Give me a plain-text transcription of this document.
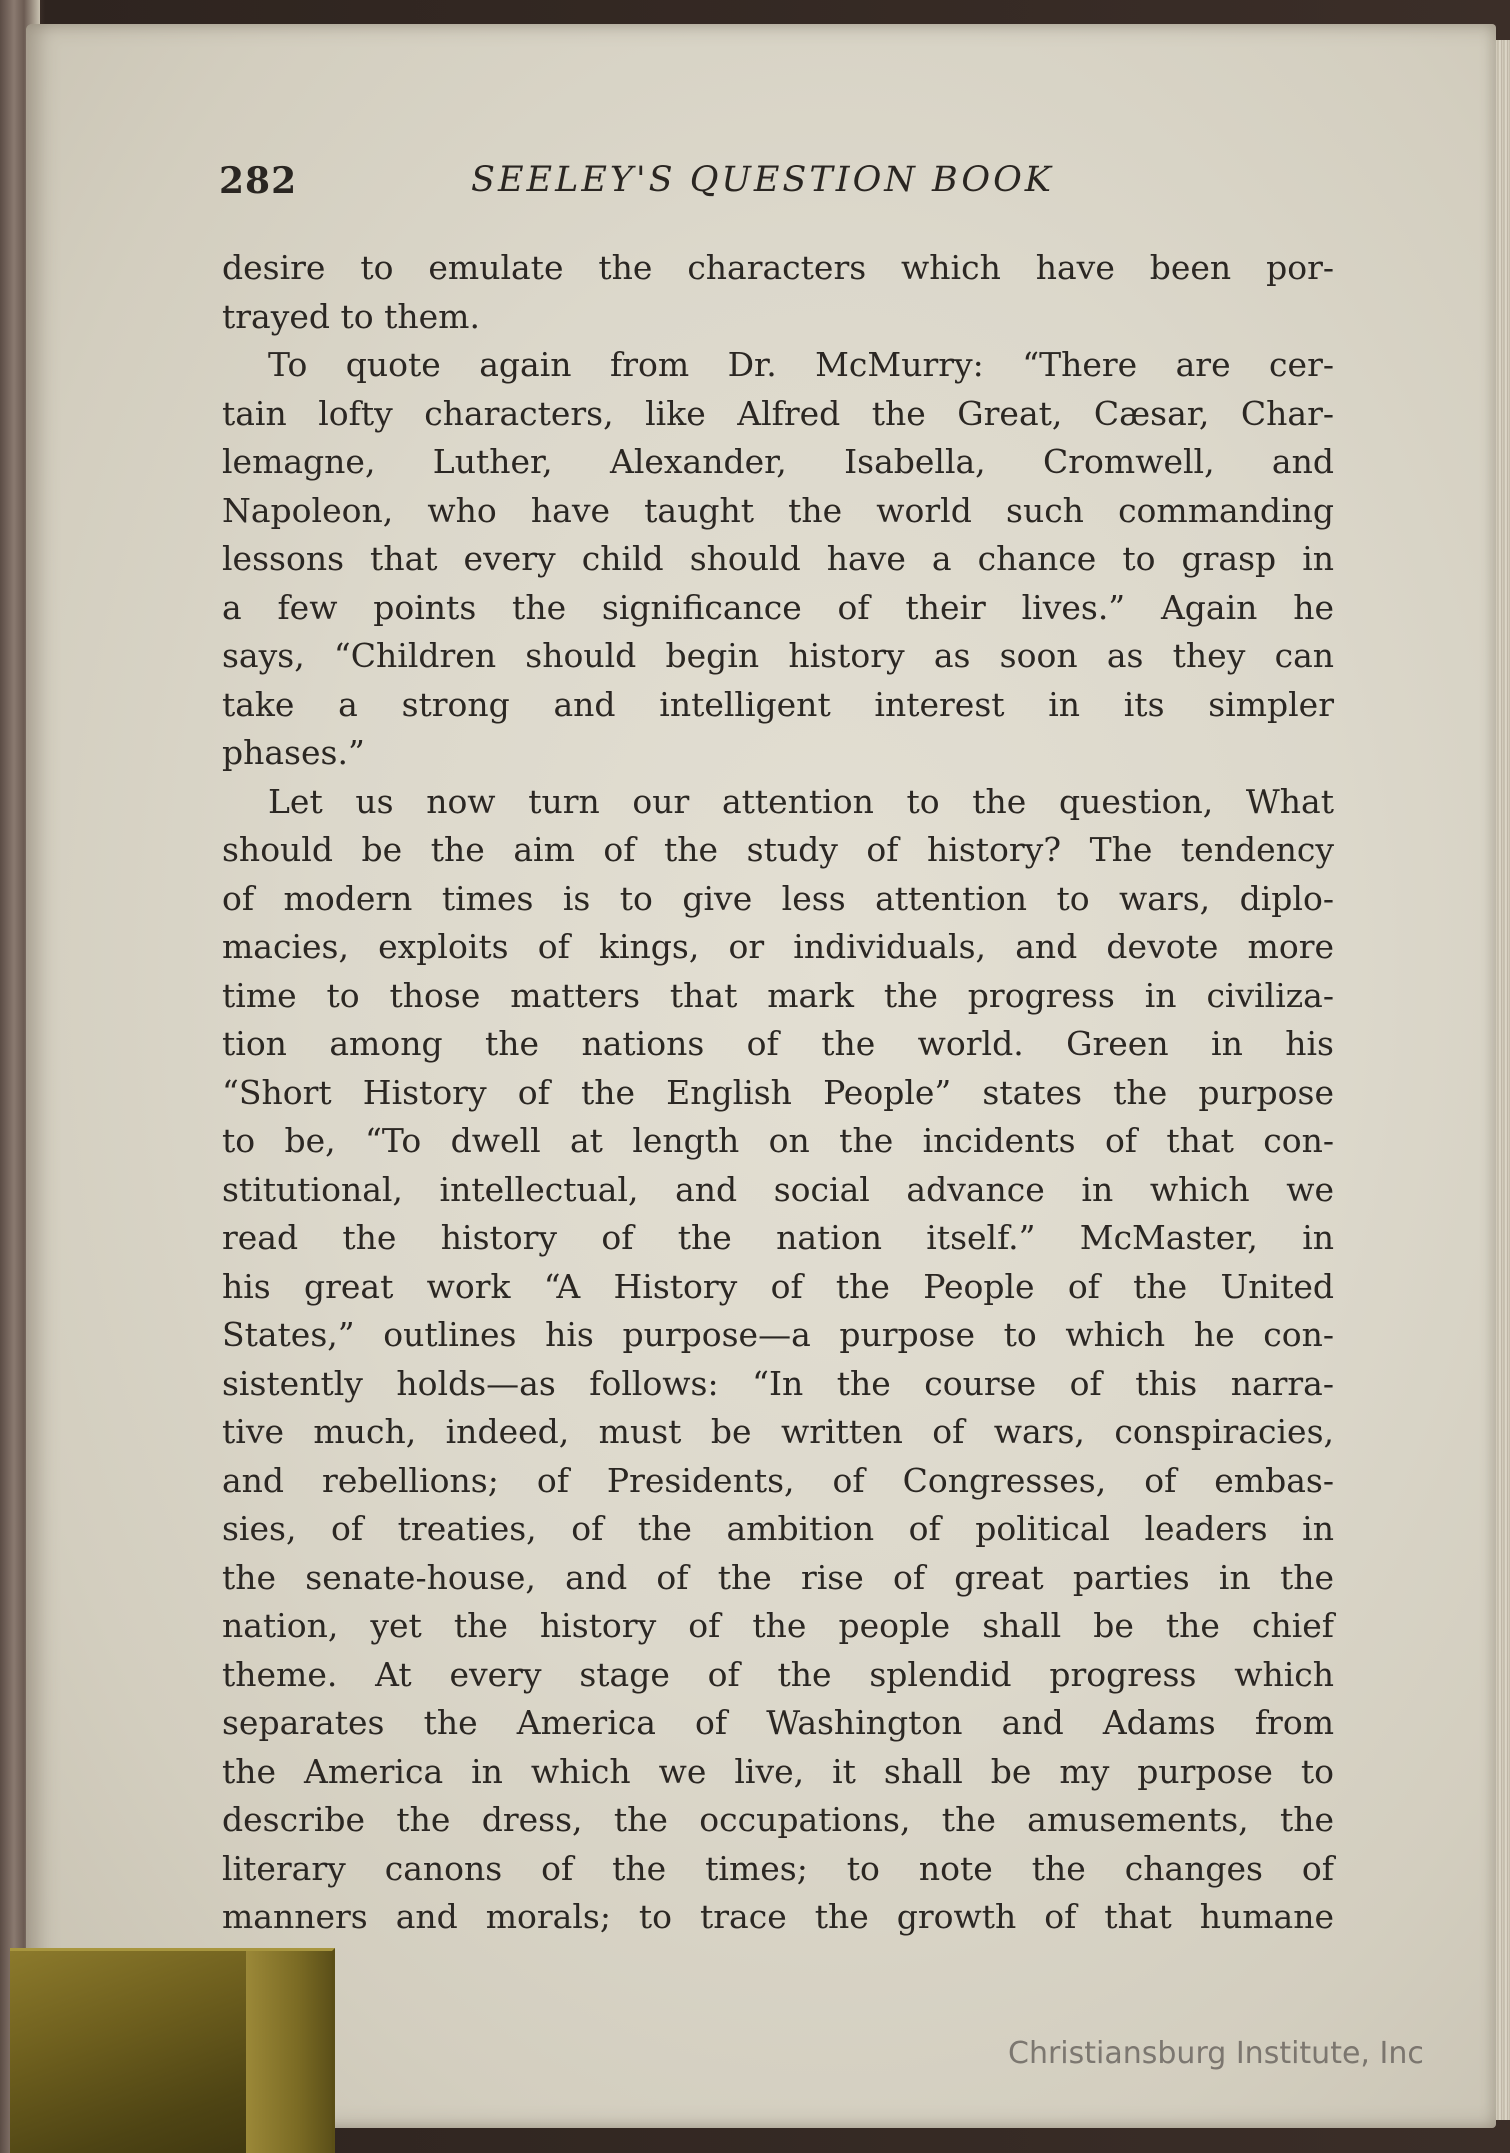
282	SEELEY'S QUESTION BOOK
desire to emulate the characters which have been por-
trayed to them.
To quote again from Dr. McMurry: “There are cer-
tain lofty characters, like Alfred the Great, Cæsar, Char-
lemagne, Luther, Alexander, Isabella, Cromwell, and
Napoleon, who have taught the world such commanding
lessons that every child should have a chance to grasp in
a few points the significance of their lives.” Again he
says, “Children should begin history as soon as they can
take a strong and intelligent interest in its simpler
phases.”
Let us now turn our attention to the question, What
should be the aim of the study of history? The tendency
of modern times is to give less attention to wars, diplo-
macies, exploits of kings, or individuals, and devote more
time to those matters that mark the progress in civiliza-
tion among the nations of the world. Green in his
“Short History of the English People” states the purpose
to be, “To dwell at length on the incidents of that con-
stitutional, intellectual, and social advance in which we
read the history of the nation itself.” McMaster, in
his great work “A History of the People of the United
States,” outlines his purpose—a purpose to which he con-
sistently holds—as follows: “In the course of this narra-
tive much, indeed, must be written of wars, conspiracies,
and rebellions; of Presidents, of Congresses, of embas-
sies, of treaties, of the ambition of political leaders in
the senate-house, and of the rise of great parties in the
nation, yet the history of the people shall be the chief
theme. At every stage of the splendid progress which
separates the America of Washington and Adams from
the America in which we live, it shall be my purpose to
describe the dress, the occupations, the amusements, the
literary canons of the times; to note the changes of
manners and morals; to trace the growth of that humane
Christiansburg Institute, Inc
